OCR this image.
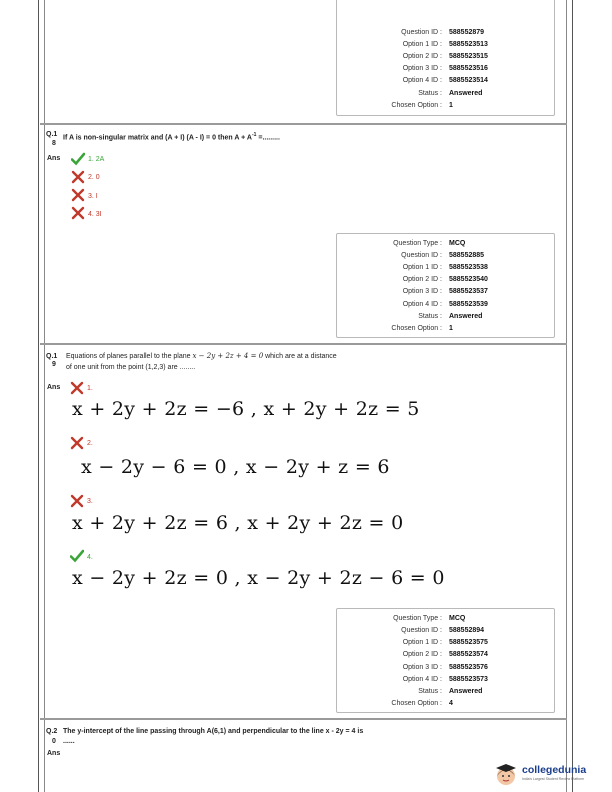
Question ID : 588552879
Option 1 ID : 5885523513
Option 2 ID : 5885523515
Option 3 ID : 5885523516
Option 4 ID : 5885523514
Status : Answered
Chosen Option : 1
Q.1
8
If A is non-singular matrix and (A + I) (A - I) = 0 then $A + A^{-1}$ =.........
Ans	1. 2A
2. 0
3. I
4. 3I
Question Type : MCQ
Question ID : 588552885
Option 1 ID : 5885523538
Option 2 ID : 5885523540
Option 3 ID : 5885523537
Option 4 ID : 5885523539
Status : Answered
Chosen Option : 1
Q.1
9
Equations of planes parallel to the plane x − 2y + 2z + 4 = 0 which are at a distance
of one unit from the point (1,2,3) are ........
Ans	1.
x + 2y + 2z = −6 , x + 2y + 2z = 5
2.
x − 2y − 6 = 0 , x − 2y + z = 6
3.
x + 2y + 2z = 6 , x + 2y + 2z = 0
4.
x − 2y + 2z = 0 , x − 2y + 2z − 6 = 0
Question Type : MCQ
Question ID : 588552894
Option 1 ID : 5885523575
Option 2 ID : 5885523574
Option 3 ID : 5885523576
Option 4 ID : 5885523573
Status : Answered
Chosen Option : 4
Q.2
0
The y-intercept of the line passing through A(6,1) and perpendicular to the line x - 2y = 4 is
......
Ans
collegedunia
India's Largest Student Review Platform
